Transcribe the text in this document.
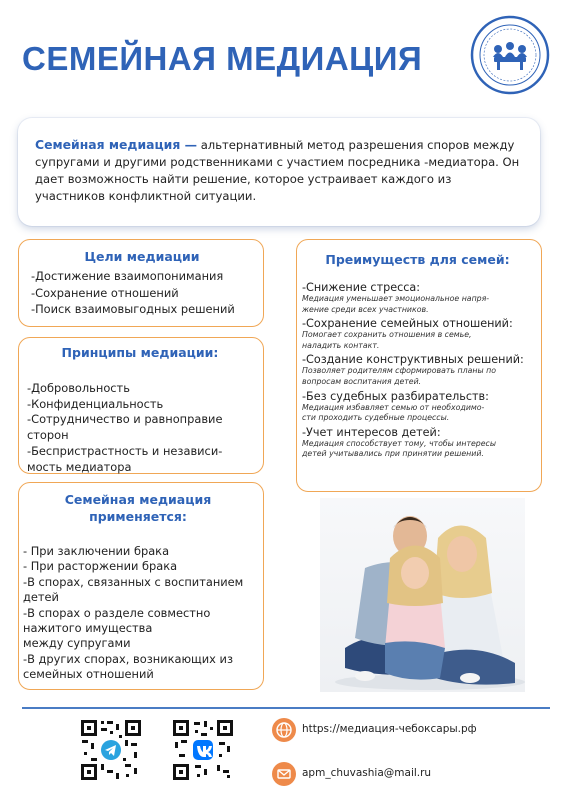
СЕМЕЙНАЯ МЕДИАЦИЯ
Семейная медиация — альтернативный метод разрешения споров между супругами и другими родственниками с участием посредника -медиатора. Он дает возможность найти решение, которое устраивает каждого из участников конфликтной ситуации.
Цели медиации
-Достижение взаимопонимания
-Сохранение отношений
-Поиск взаимовыгодных решений
Принципы медиации:
-Добровольность
-Конфиденциальность
-Сотрудничество и равноправие
сторон
-Беспристрастность и независи-
мость медиатора
Семейная медиация
применяется:
- При заключении брака
- При расторжении брака
-В спорах, связанных с воспитанием
детей
-В спорах о разделе совместно
нажитого имущества
между супругами
-В других спорах, возникающих из
семейных отношений
Преимуществ для семей:
-Снижение стресса:
Медиация уменьшает эмоциональное напря-
жение среди всех участников.
-Сохранение семейных отношений:
Помогает сохранить отношения в семье,
наладить контакт.
-Создание конструктивных решений:
Позволяет родителям сформировать планы по
вопросам воспитания детей.
-Без судебных разбирательств:
Медиация избавляет семью от необходимо-
сти проходить судебные процессы.
-Учет интересов детей:
Медиация способствует тому, чтобы интересы
детей учитывались при принятии решений.
https://медиация-чебоксары.рф
apm_chuvashia@mail.ru
